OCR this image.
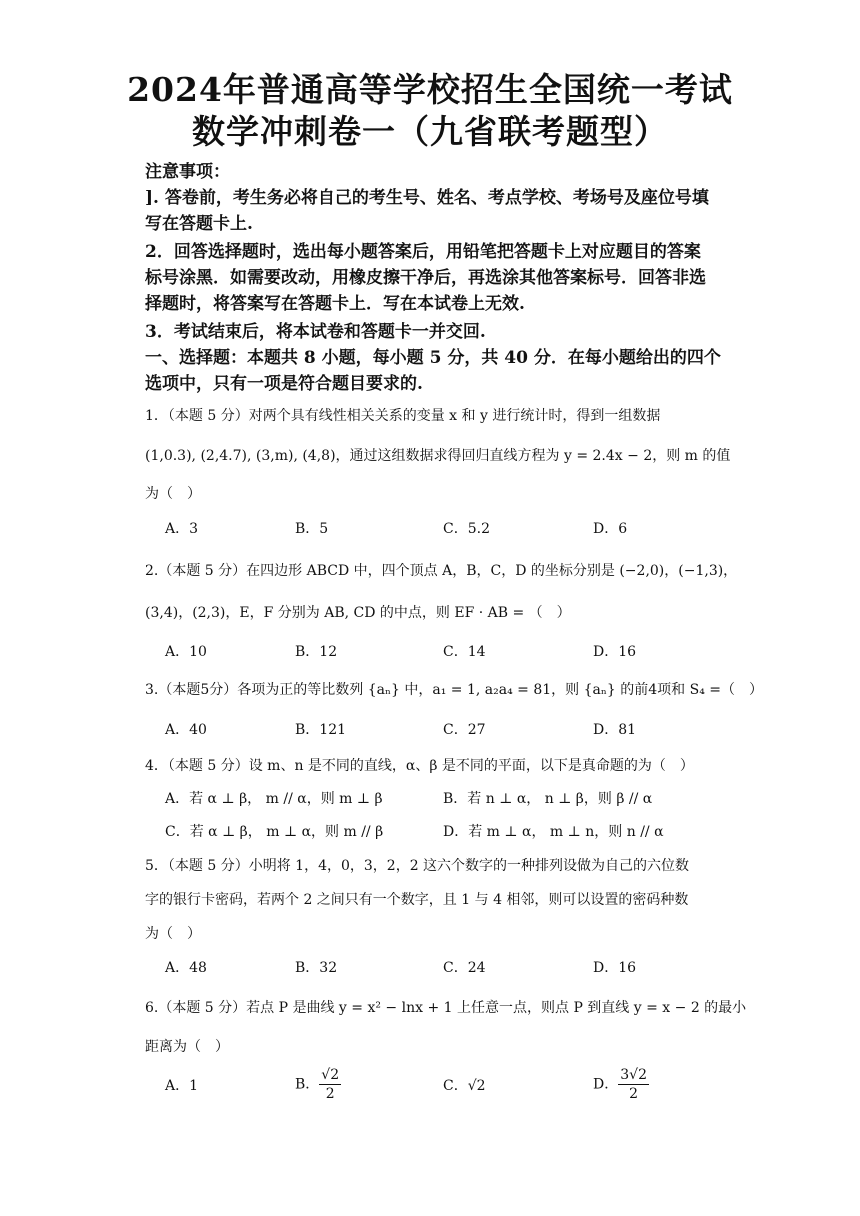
2024年普通高等学校招生全国统一考试
数学冲刺卷一（九省联考题型）
注意事项：
]. 答卷前，考生务必将自己的考生号、姓名、考点学校、考场号及座位号填
写在答题卡上.
2．回答选择题时，选出每小题答案后，用铅笔把答题卡上对应题目的答案
标号涂黑．如需要改动，用橡皮擦干净后，再选涂其他答案标号．回答非选
择题时，将答案写在答题卡上．写在本试卷上无效.
3．考试结束后，将本试卷和答题卡一并交回.
一、选择题：本题共 8 小题，每小题 5 分，共 40 分．在每小题给出的四个
选项中，只有一项是符合题目要求的.
1．（本题 5 分）对两个具有线性相关关系的变量 x 和 y 进行统计时，得到一组数据
(1,0.3), (2,4.7), (3,m), (4,8)，通过这组数据求得回归直线方程为 y = 2.4x − 2，则 m 的值
为（　）
A．3	B．5	C．5.2	D．6
2.（本题 5 分）在四边形 ABCD 中，四个顶点 A，B，C，D 的坐标分别是 (−2,0)，(−1,3)，
(3,4)，(2,3)，E，F 分别为 AB, CD 的中点，则 EF · AB = （　）
A．10	B．12	C．14	D．16
3.（本题5分）各项为正的等比数列 {aₙ} 中，a₁ = 1, a₂a₄ = 81，则 {aₙ} 的前4项和 S₄ =（　）
A．40	B．121	C．27	D．81
4．（本题 5 分）设 m、n 是不同的直线，α、β 是不同的平面，以下是真命题的为（　）
A．若 α ⊥ β， m // α，则 m ⊥ β	B．若 n ⊥ α， n ⊥ β，则 β // α
C．若 α ⊥ β， m ⊥ α，则 m // β	D．若 m ⊥ α， m ⊥ n，则 n // α
5．（本题 5 分）小明将 1，4，0，3，2，2 这六个数字的一种排列设做为自己的六位数
字的银行卡密码，若两个 2 之间只有一个数字，且 1 与 4 相邻，则可以设置的密码种数
为（　）
A．48	B．32	C．24	D．16
6.（本题 5 分）若点 P 是曲线 y = x² − lnx + 1 上任意一点，则点 P 到直线 y = x − 2 的最小
距离为（　）
A．1	B． $\frac{√2}{2}$	C．√2	D． $\frac{3√2}{2}$
